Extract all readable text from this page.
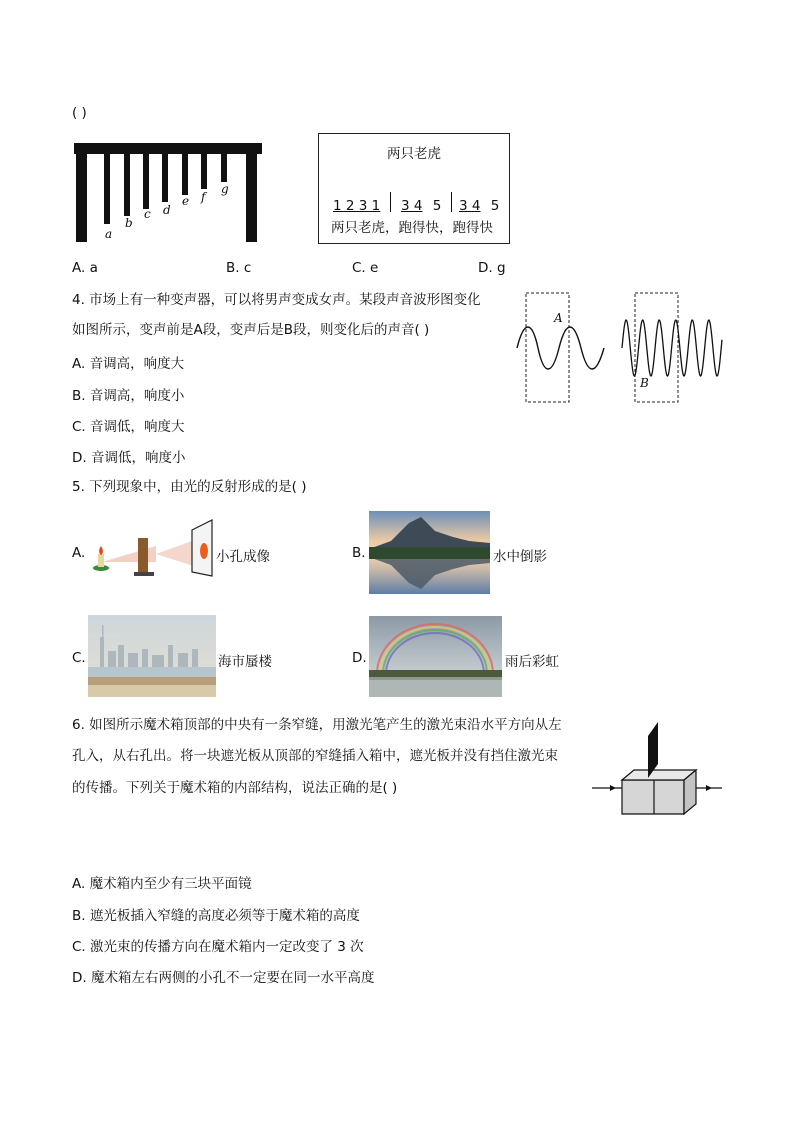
( )
a
b
c d
e f
g
两只老虎
1 2 3 1 3 4 5 3 4 5
两只老虎，跑得快，跑得快
A. a	B. c	C. e	D. g
4. 市场上有一种变声器，可以将男声变成女声。某段声音波形图变化
如图所示，变声前是A段，变声后是B段，则变化后的声音( )
A. 音调高，响度大
B. 音调高，响度小
C. 音调低，响度大
D. 音调低，响度小
A
B
5. 下列现象中，由光的反射形成的是( )
A.	小孔成像	B.	水中倒影
C.	海市蜃楼	D.	雨后彩虹
6. 如图所示魔术箱顶部的中央有一条窄缝，用激光笔产生的激光束沿水平方向从左
孔入，从右孔出。将一块遮光板从顶部的窄缝插入箱中，遮光板并没有挡住激光束
的传播。下列关于魔术箱的内部结构，说法正确的是( )
A. 魔术箱内至少有三块平面镜
B. 遮光板插入窄缝的高度必须等于魔术箱的高度
C. 激光束的传播方向在魔术箱内一定改变了 3 次
D. 魔术箱左右两侧的小孔不一定要在同一水平高度
